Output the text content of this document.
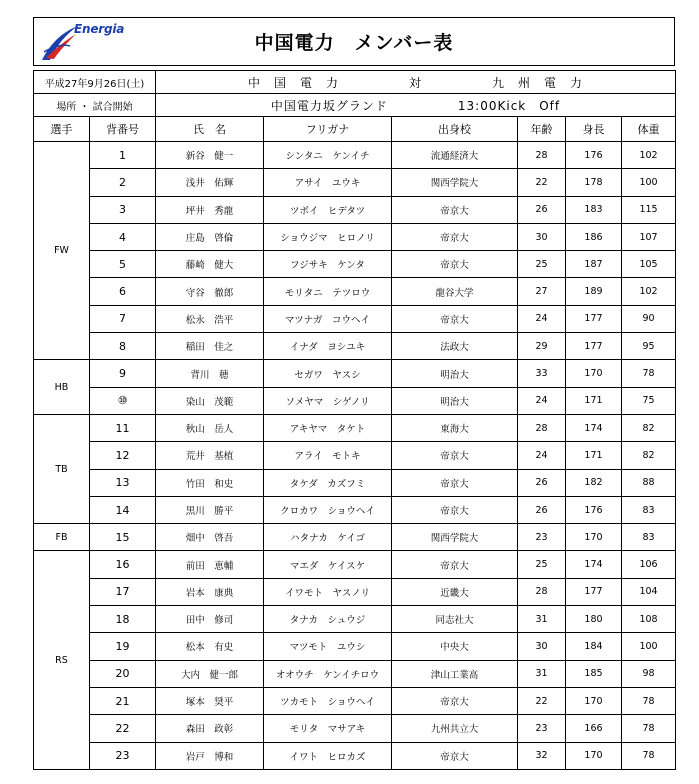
Energia
中国電力　メンバー表
平成27年9月26日(土)		中　国　電　力 対 九　州　電　力					
場所 ・ 試合開始		中国電力坂グランド 13:00Kick　Off					
選手	背番号	氏　名	フリガナ	出身校	年齢	身長	体重
FW	1	新谷　健一	シンタニ　ケンイチ	流通経済大	28	176	102
	2	浅井　佑輝	アサイ　ユウキ	関西学院大	22	178	100
	3	坪井　秀龍	ツボイ　ヒデタツ	帝京大	26	183	115
	4	庄島　啓倫	ショウジマ　ヒロノリ	帝京大	30	186	107
	5	藤崎　健大	フジサキ　ケンタ	帝京大	25	187	105
	6	守谷　徹郎	モリタニ　テツロウ	龍谷大学	27	189	102
	7	松永　浩平	マツナガ　コウヘイ	帝京大	24	177	90
	8	稲田　佳之	イナダ　ヨシユキ	法政大	29	177	95
HB	9	背川　穂	セガワ　ヤスシ	明治大	33	170	78
	⑩	染山　茂範	ソメヤマ　シゲノリ	明治大	24	171	75
TB	11	秋山　岳人	アキヤマ　タケト	東海大	28	174	82
	12	荒井　基植	アライ　モトキ	帝京大	24	171	82
	13	竹田　和史	タケダ　カズフミ	帝京大	26	182	88
	14	黒川　勝平	クロカワ　ショウヘイ	帝京大	26	176	83
FB	15	畑中　啓吾	ハタナカ　ケイゴ	関西学院大	23	170	83
RS	16	前田　恵輔	マエダ　ケイスケ	帝京大	25	174	106
	17	岩本　康典	イワモト　ヤスノリ	近畿大	28	177	104
	18	田中　修司	タナカ　シュウジ	同志社大	31	180	108
	19	松本　有史	マツモト　ユウシ	中央大	30	184	100
	20	大内　健一郎	オオウチ　ケンイチロウ	津山工業高	31	185	98
	21	塚本　奨平	ツカモト　ショウヘイ	帝京大	22	170	78
	22	森田　政彰	モリタ　マサアキ	九州共立大	23	166	78
	23	岩戸　博和	イワト　ヒロカズ	帝京大	32	170	78
